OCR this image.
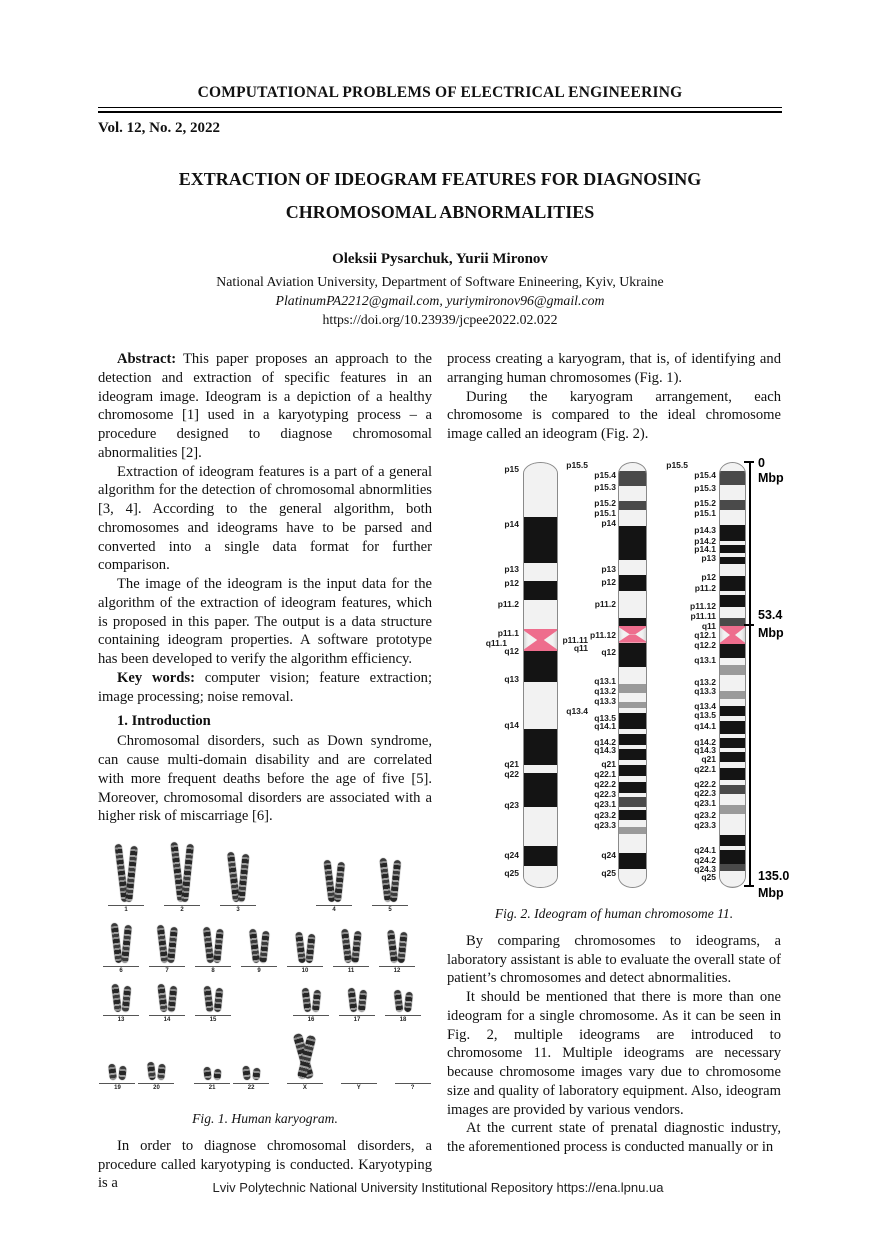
COMPUTATIONAL PROBLEMS OF ELECTRICAL ENGINEERING
Vol. 12, No. 2, 2022
EXTRACTION OF IDEOGRAM FEATURES FOR DIAGNOSING CHROMOSOMAL ABNORMALITIES
Oleksii Pysarchuk, Yurii Mironov
National Aviation University, Department of Software Enineering, Kyiv, Ukraine
PlatinumPA2212@gmail.com, yuriymironov96@gmail.com
https://doi.org/10.23939/jcpee2022.02.022

Abstract: This paper proposes an approach to the detection and extraction of specific features in an ideogram image. Ideogram is a depiction of a healthy chromosome [1] used in a karyotyping process – a procedure designed to diagnose chromosomal abnormalities [2].

Extraction of ideogram features is a part of a general algorithm for the detection of chromosomal abnormlities [3, 4]. According to the general algorithm, both chromosomes and ideograms have to be parsed and converted into a single data format for further comparison.

The image of the ideogram is the input data for the algorithm of the extraction of ideogram features, which is proposed in this paper. The output is a data structure containing ideogram properties. A software prototype has been developed to verify the algorithm efficiency.

Key words: computer vision; feature extraction; image processing; noise removal.

1. Introduction

Chromosomal disorders, such as Down syndrome, can cause multi-domain disability and are correlated with more frequent deaths before the age of five [5]. Moreover, chromosomal disorders are associated with a higher risk of miscarriage [6].

1	2	3	4	5
6	7	8	9	10	11	12
13	14	15	16	17	18
19	20	21	22	X	Y	?
Fig. 1. Human karyogram.

In order to diagnose chromosomal disorders, a procedure called karyotyping is conducted. Karyotyping is a

process creating a karyogram, that is, of identifying and arranging human chromosomes (Fig. 1).

During the karyogram arrangement, each chromosome is compared to the ideal chromosome image called an ideogram (Fig. 2).

p15
p14
p13
p12
p11.2
p11.1
q11.1
q12
q13
q14
q21
q22
q23
q24
q25
p15.5
p15.4
p15.3
p15.2
p15.1
p14
p13
p12
p11.2
p11.12
p11.11
q11 q12
q13.1
q13.2
q13.3
q13.4
q13.5
q14.1
q14.2
q14.3
q21
q22.1
q22.2
q22.3
q23.1
q23.2
q23.3
q24
q25
p15.5
p15.4
p15.3
p15.2
p15.1
p14.3
p14.2
p14.1
p13
p12
p11.2
p11.12
p11.11
q11
q12.1
q12.2
q13.1
q13.2
q13.3
q13.4
q13.5
q14.1
q14.2
q14.3
q21
q22.1
q22.2
q22.3
q23.1
q23.2
q23.3
q24.1
q24.2
q24.3
q25
0
Mbp
53.4
Mbp
135.0
Mbp
Fig. 2. Ideogram of human chromosome 11.

By comparing chromosomes to ideograms, a laboratory assistant is able to evaluate the overall state of patient’s chromosomes and detect abnormalities.

It should be mentioned that there is more than one ideogram for a single chromosome. As it can be seen in Fig. 2, multiple ideograms are introduced to chromosome 11. Multiple ideograms are necessary because chromosome images vary due to chromosome size and quality of laboratory equipment. Also, ideogram images are provided by various vendors.

At the current state of prenatal diagnostic industry, the aforementioned process is conducted manually or in

Lviv Polytechnic National University Institutional Repository https://ena.lpnu.ua
